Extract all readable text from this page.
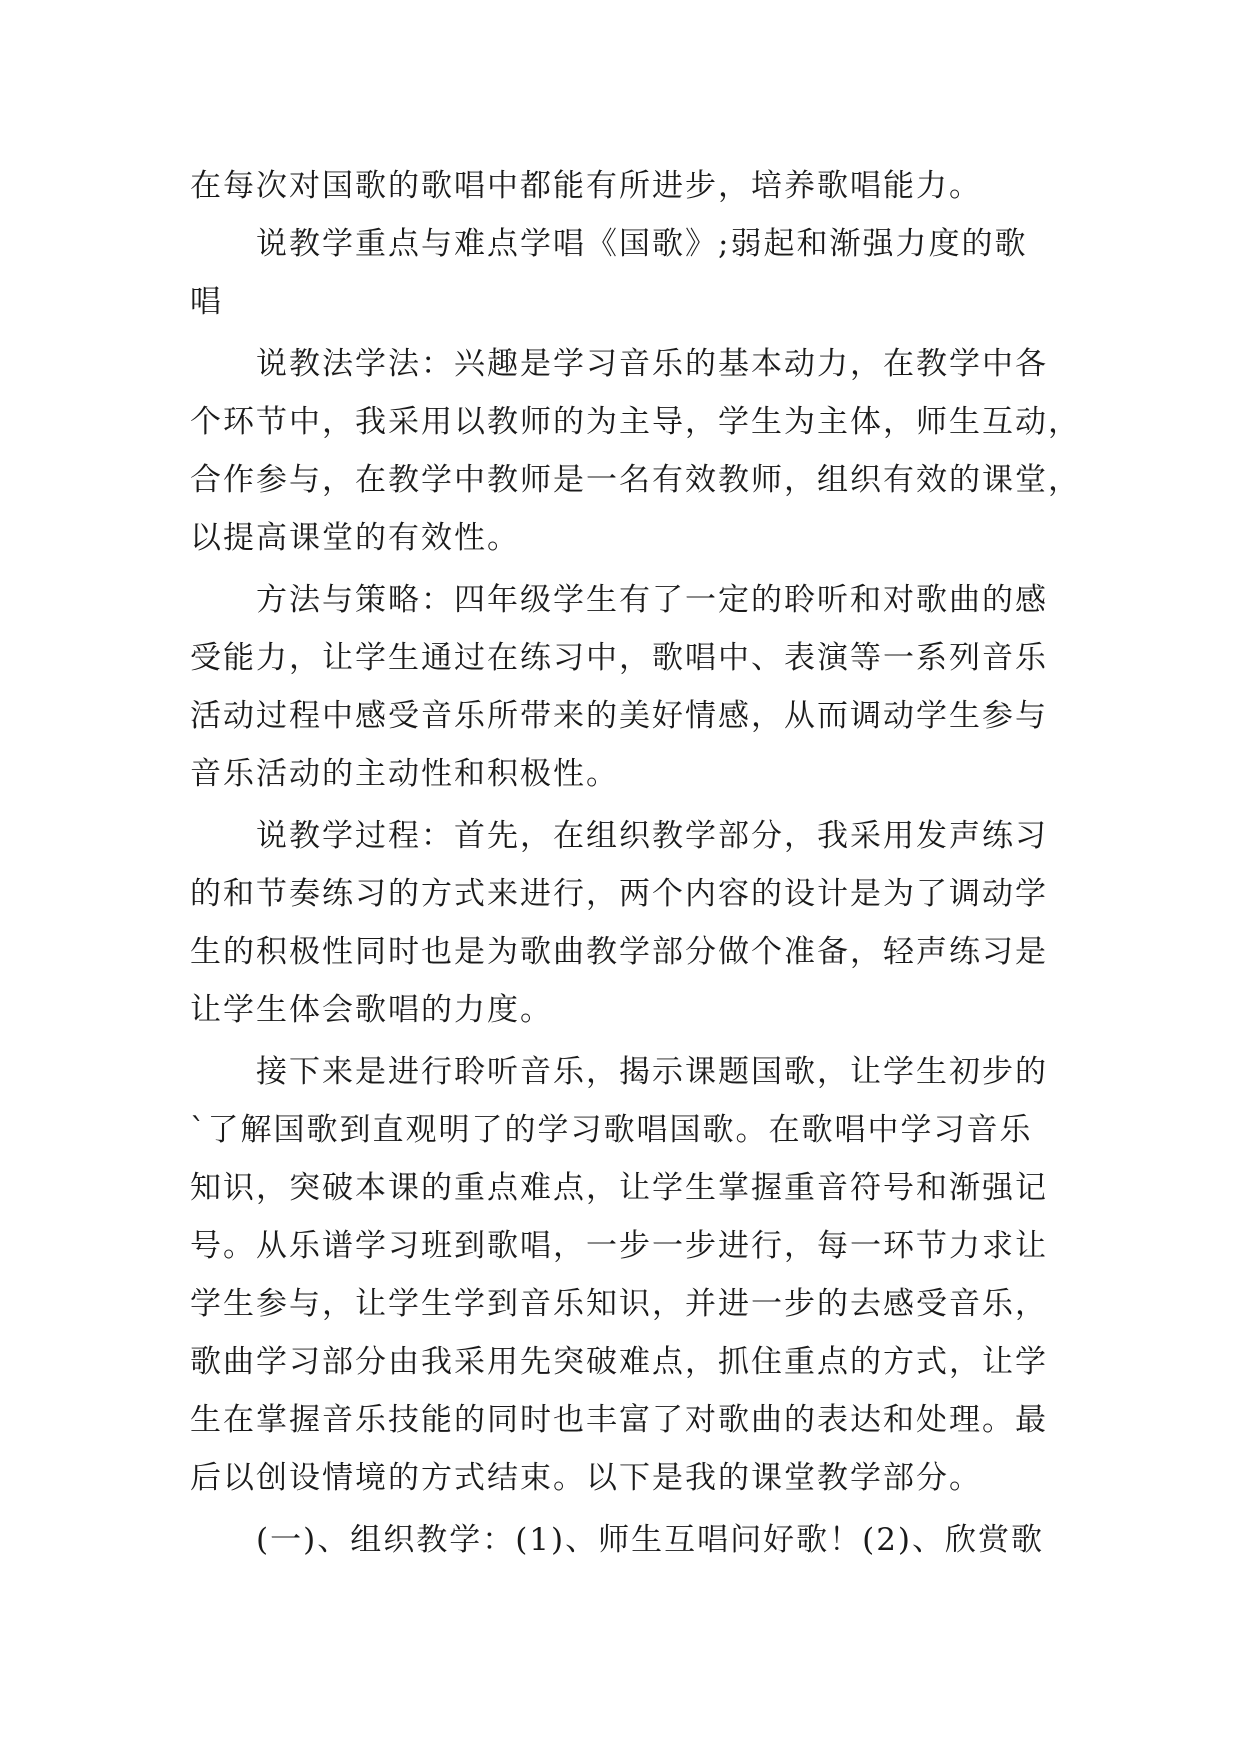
在每次对国歌的歌唱中都能有所进步，培养歌唱能力。
说教学重点与难点学唱《国歌》;弱起和渐强力度的歌
唱
说教法学法：兴趣是学习音乐的基本动力，在教学中各
个环节中，我采用以教师的为主导，学生为主体，师生互动，
合作参与，在教学中教师是一名有效教师，组织有效的课堂，
以提高课堂的有效性。
方法与策略：四年级学生有了一定的聆听和对歌曲的感
受能力，让学生通过在练习中，歌唱中、表演等一系列音乐
活动过程中感受音乐所带来的美好情感，从而调动学生参与
音乐活动的主动性和积极性。
说教学过程：首先，在组织教学部分，我采用发声练习
的和节奏练习的方式来进行，两个内容的设计是为了调动学
生的积极性同时也是为歌曲教学部分做个准备，轻声练习是
让学生体会歌唱的力度。
接下来是进行聆听音乐，揭示课题国歌，让学生初步的
`了解国歌到直观明了的学习歌唱国歌。在歌唱中学习音乐
知识，突破本课的重点难点，让学生掌握重音符号和渐强记
号。从乐谱学习班到歌唱，一步一步进行，每一环节力求让
学生参与，让学生学到音乐知识，并进一步的去感受音乐，
歌曲学习部分由我采用先突破难点，抓住重点的方式，让学
生在掌握音乐技能的同时也丰富了对歌曲的表达和处理。最
后以创设情境的方式结束。以下是我的课堂教学部分。
(一)、组织教学：(1)、师生互唱问好歌！(2)、欣赏歌
